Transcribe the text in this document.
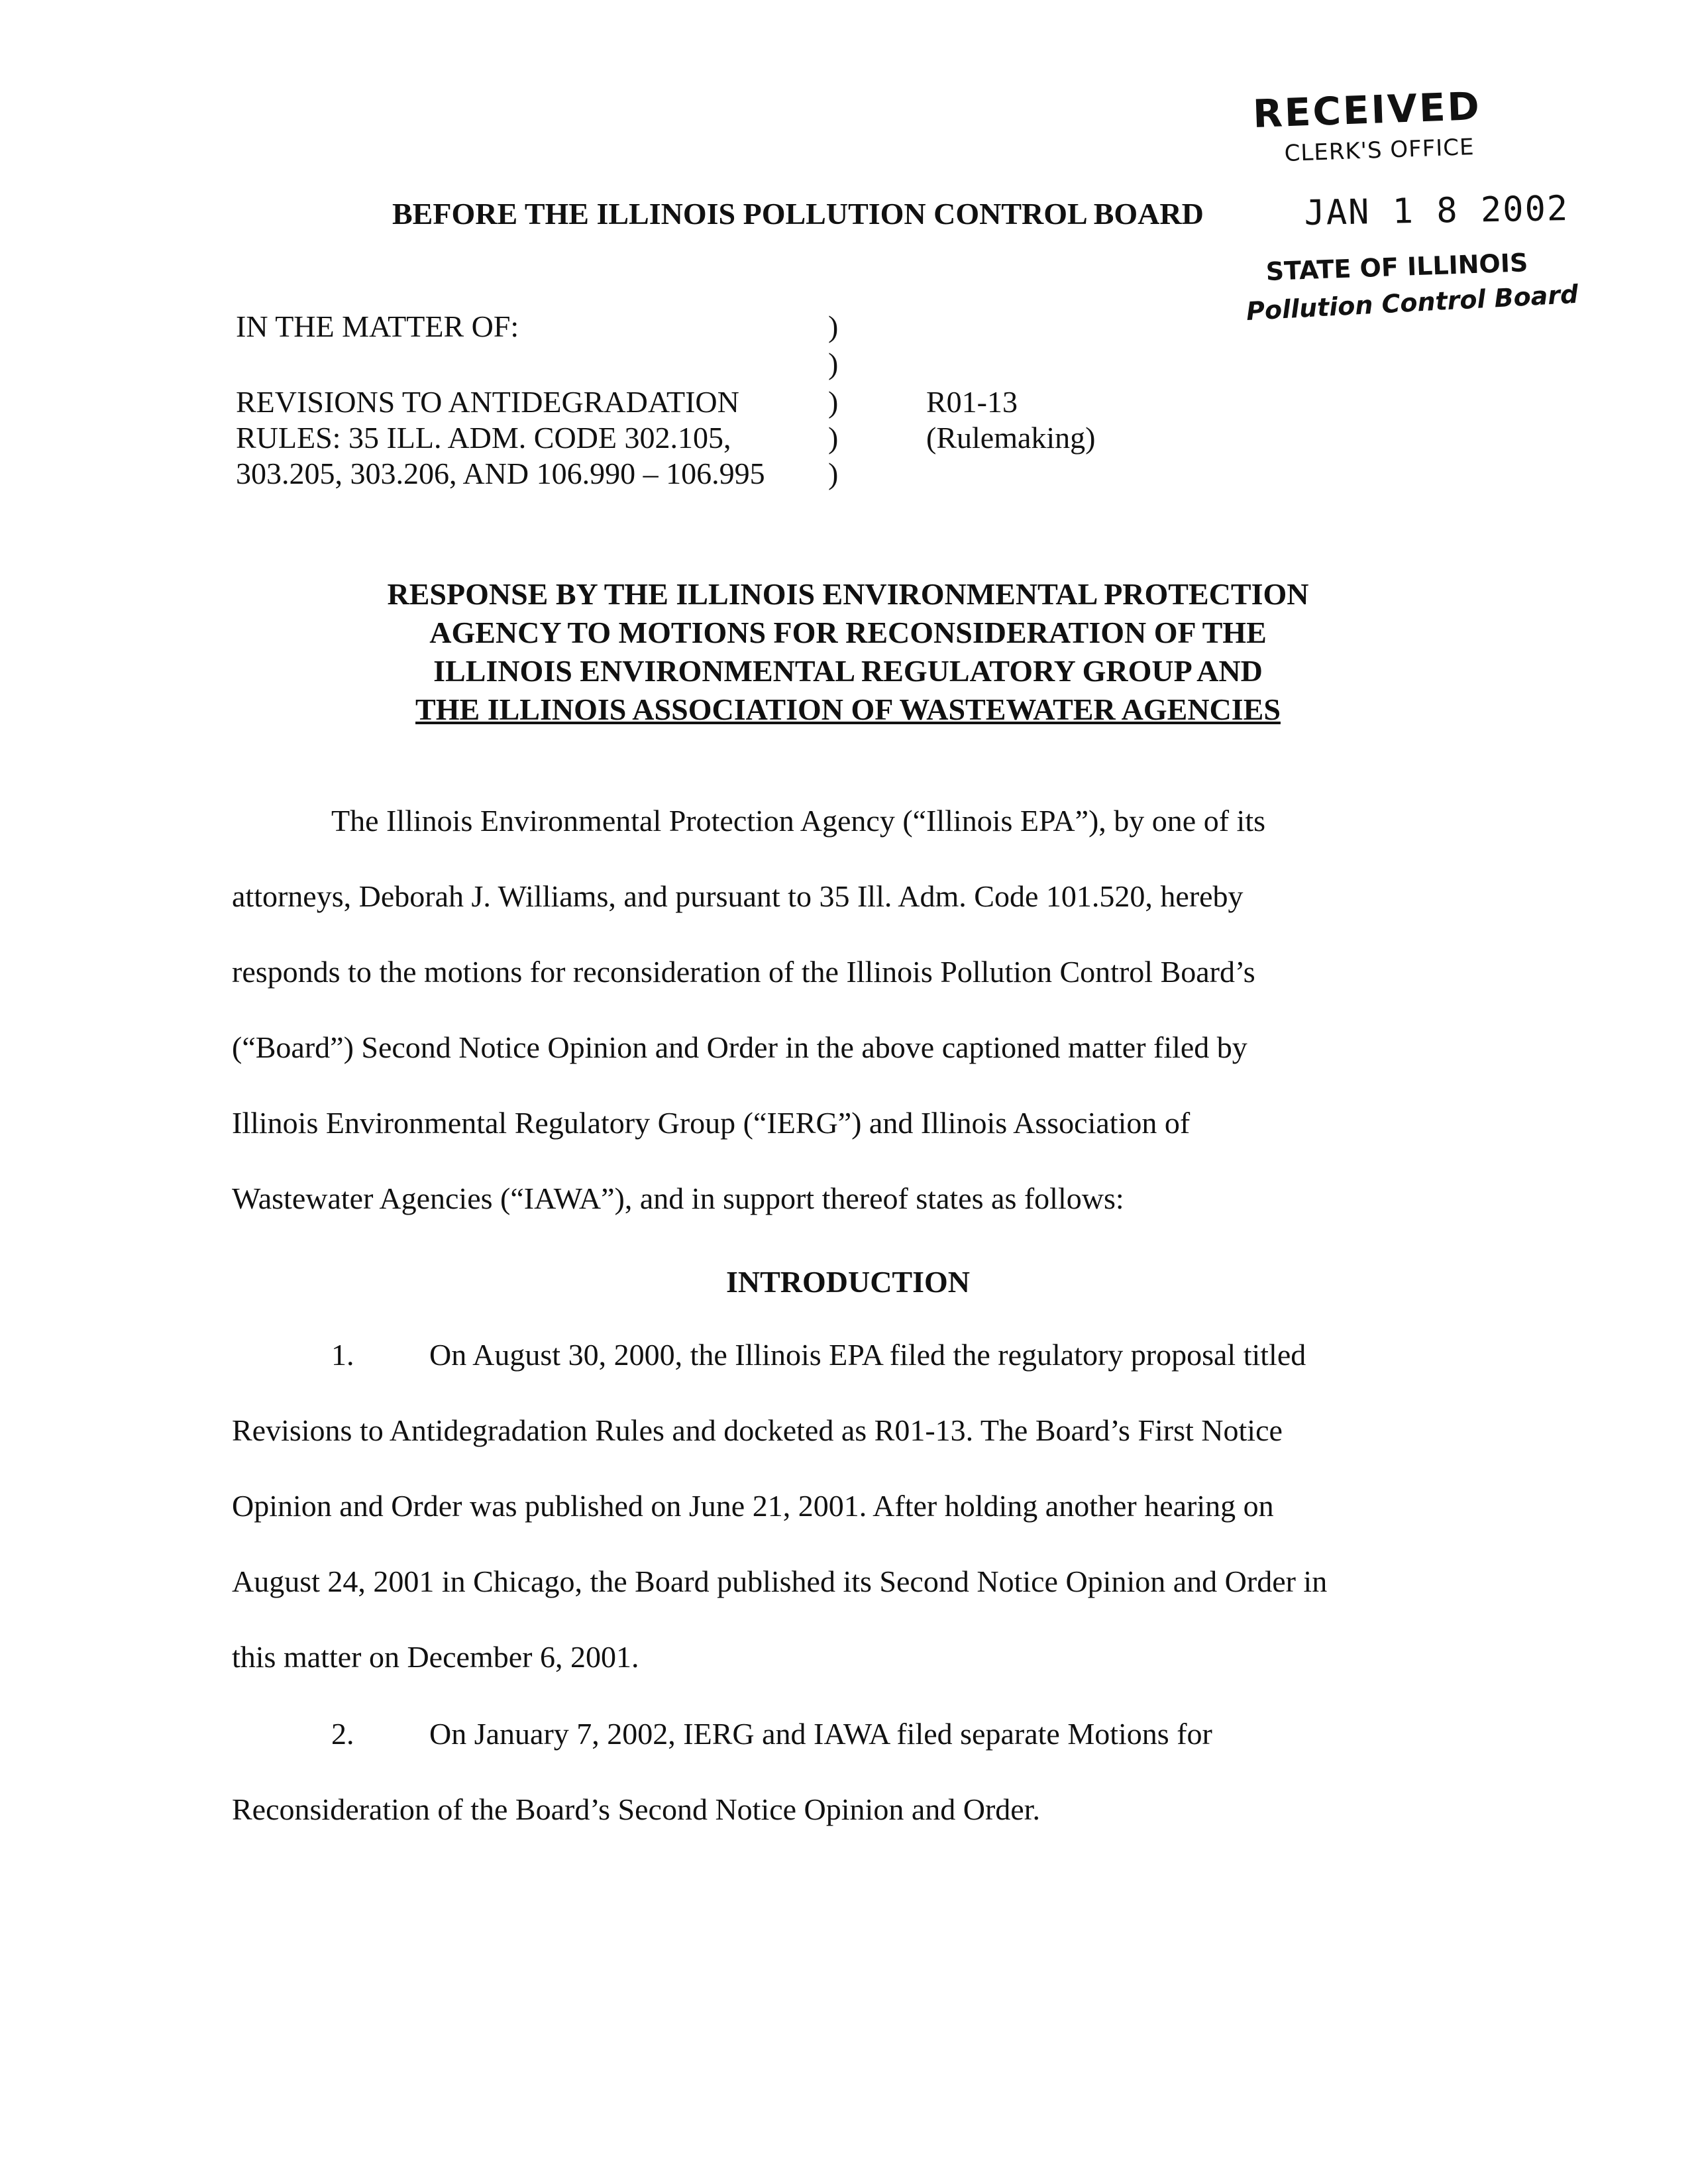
RECEIVED
CLERK'S OFFICE
JAN 1 8 2002
STATE OF ILLINOIS
Pollution Control Board
BEFORE THE ILLINOIS POLLUTION CONTROL BOARD
IN THE MATTER OF:
REVISIONS TO ANTIDEGRADATION
RULES: 35 ILL. ADM. CODE 302.105,
303.205, 303.206, AND 106.990 – 106.995
)
)
)
)
)
R01-13
(Rulemaking)
RESPONSE BY THE ILLINOIS ENVIRONMENTAL PROTECTION
AGENCY TO MOTIONS FOR RECONSIDERATION OF THE
ILLINOIS ENVIRONMENTAL REGULATORY GROUP AND
THE ILLINOIS ASSOCIATION OF WASTEWATER AGENCIES
The Illinois Environmental Protection Agency (“Illinois EPA”), by one of its
attorneys, Deborah J. Williams, and pursuant to 35 Ill. Adm. Code 101.520, hereby
responds to the motions for reconsideration of the Illinois Pollution Control Board’s
(“Board”) Second Notice Opinion and Order in the above captioned matter filed by
Illinois Environmental Regulatory Group (“IERG”) and Illinois Association of
Wastewater Agencies (“IAWA”), and in support thereof states as follows:
INTRODUCTION
1. On August 30, 2000, the Illinois EPA filed the regulatory proposal titled
Revisions to Antidegradation Rules and docketed as R01-13. The Board’s First Notice
Opinion and Order was published on June 21, 2001. After holding another hearing on
August 24, 2001 in Chicago, the Board published its Second Notice Opinion and Order in
this matter on December 6, 2001.
2. On January 7, 2002, IERG and IAWA filed separate Motions for
Reconsideration of the Board’s Second Notice Opinion and Order.
